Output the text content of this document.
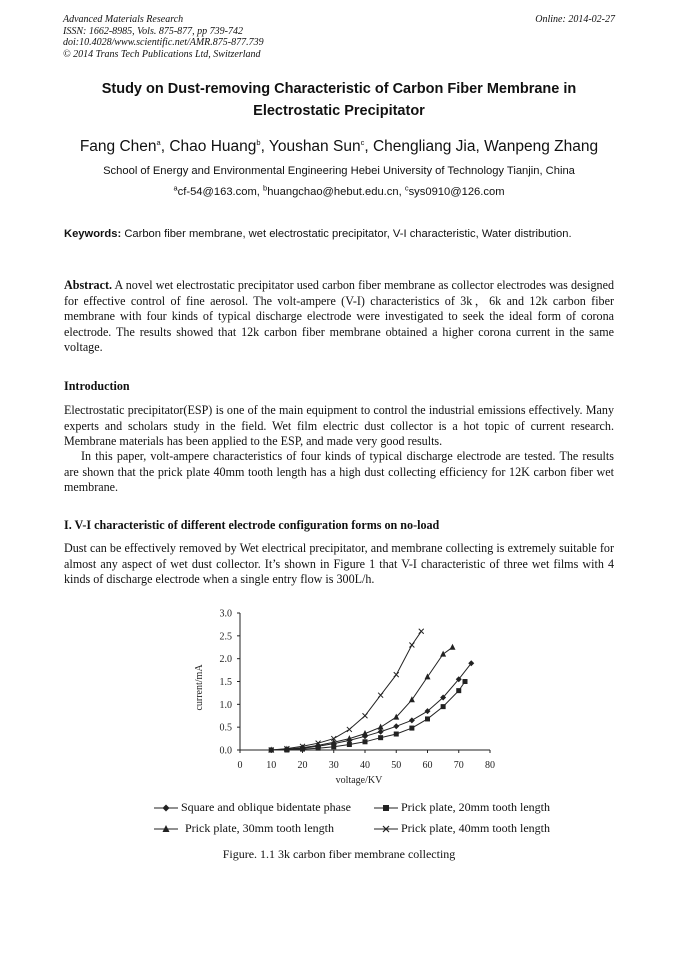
Advanced Materials Research
ISSN: 1662-8985, Vols. 875-877, pp 739-742
doi:10.4028/www.scientific.net/AMR.875-877.739
© 2014 Trans Tech Publications Ltd, Switzerland
Online: 2014-02-27
Study on Dust-removing Characteristic of Carbon Fiber Membrane in
Electrostatic Precipitator
Fang Chen$^a$, Chao Huang$^b$, Youshan Sun$^c$, Chengliang Jia, Wanpeng Zhang
School of Energy and Environmental Engineering Hebei University of Technology Tianjin, China
$^a$cf-54@163.com, $^b$huangchao@hebut.edu.cn, $^c$sys0910@126.com
Keywords: Carbon fiber membrane, wet electrostatic precipitator, V-I characteristic, Water distribution.
Abstract. A novel wet electrostatic precipitator used carbon fiber membrane as collector electrodes was designed for effective control of fine aerosol. The volt-ampere (V-I) characteristics of 3k，6k and 12k carbon fiber membrane with four kinds of typical discharge electrode were investigated to seek the ideal form of corona electrode. The results showed that 12k carbon fiber membrane obtained a higher corona current in the same voltage.
Introduction
Electrostatic precipitator(ESP) is one of the main equipment to control the industrial emissions effectively. Many experts and scholars study in the field. Wet film electric dust collector is a hot topic of current research. Membrane materials has been applied to the ESP, and made very good results.
In this paper, volt-ampere characteristics of four kinds of typical discharge electrode are tested. The results are shown that the prick plate 40mm tooth length has a high dust collecting efficiency for 12K carbon fiber wet membrane.
I. V-I characteristic of different electrode configuration forms on no-load
Dust can be effectively removed by Wet electrical precipitator, and membrane collecting is extremely suitable for almost any aspect of wet dust collector. It’s shown in Figure 1 that V-I characteristic of three wet films with 4 kinds of discharge electrode when a single entry flow is 300L/h.
0 10 20 30 40 50 60 70 80
0.0
0.5
1.0
1.5
2.0
2.5
3.0
voltage/KV
current/mA
Square and oblique bidentate phase	Prick plate, 20mm tooth length
Prick plate, 30mm tooth length	Prick plate, 40mm tooth length
Figure. 1.1 3k carbon fiber membrane collecting
